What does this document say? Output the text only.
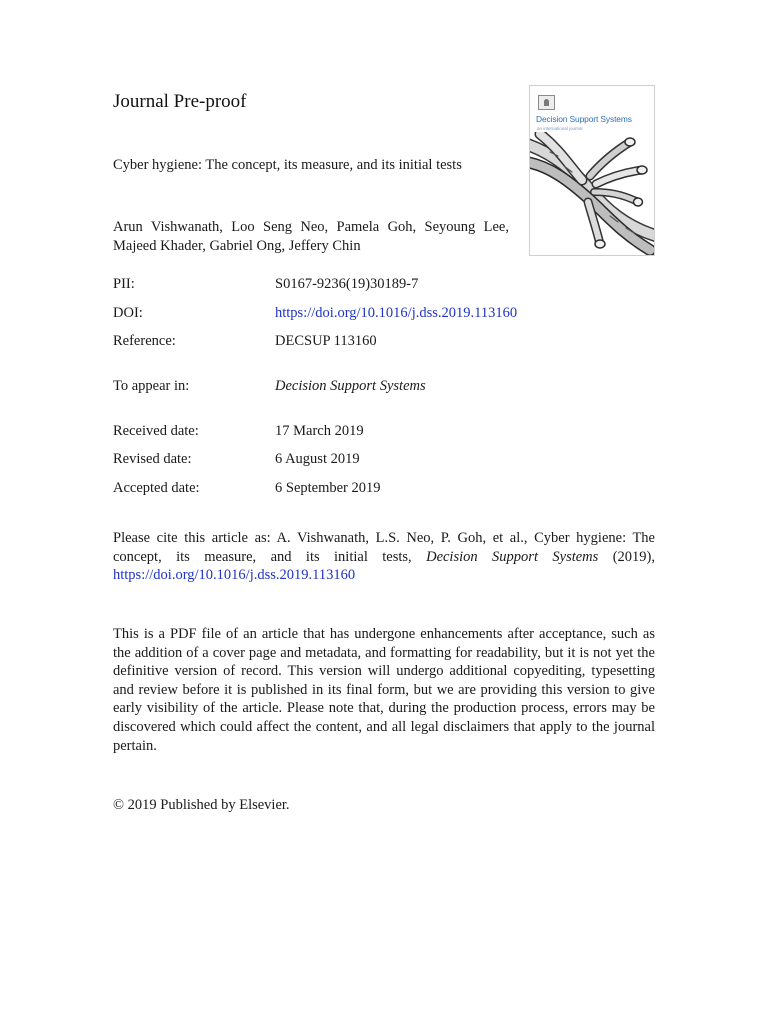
Journal Pre-proof
Cyber hygiene: The concept, its measure, and its initial tests
Arun Vishwanath, Loo Seng Neo, Pamela Goh, Seyoung Lee, Majeed Khader, Gabriel Ong, Jeffery Chin
Decision Support Systems
an international journal
PII:	S0167-9236(19)30189-7
DOI:	https://doi.org/10.1016/j.dss.2019.113160
Reference:	DECSUP 113160
To appear in:	Decision Support Systems
Received date:	17 March 2019
Revised date:	6 August 2019
Accepted date:	6 September 2019
Please cite this article as: A. Vishwanath, L.S. Neo, P. Goh, et al., Cyber hygiene: The concept, its measure, and its initial tests, Decision Support Systems (2019), https://doi.org/10.1016/j.dss.2019.113160
This is a PDF file of an article that has undergone enhancements after acceptance, such as the addition of a cover page and metadata, and formatting for readability, but it is not yet the definitive version of record. This version will undergo additional copyediting, typesetting and review before it is published in its final form, but we are providing this version to give early visibility of the article. Please note that, during the production process, errors may be discovered which could affect the content, and all legal disclaimers that apply to the journal pertain.
© 2019 Published by Elsevier.
